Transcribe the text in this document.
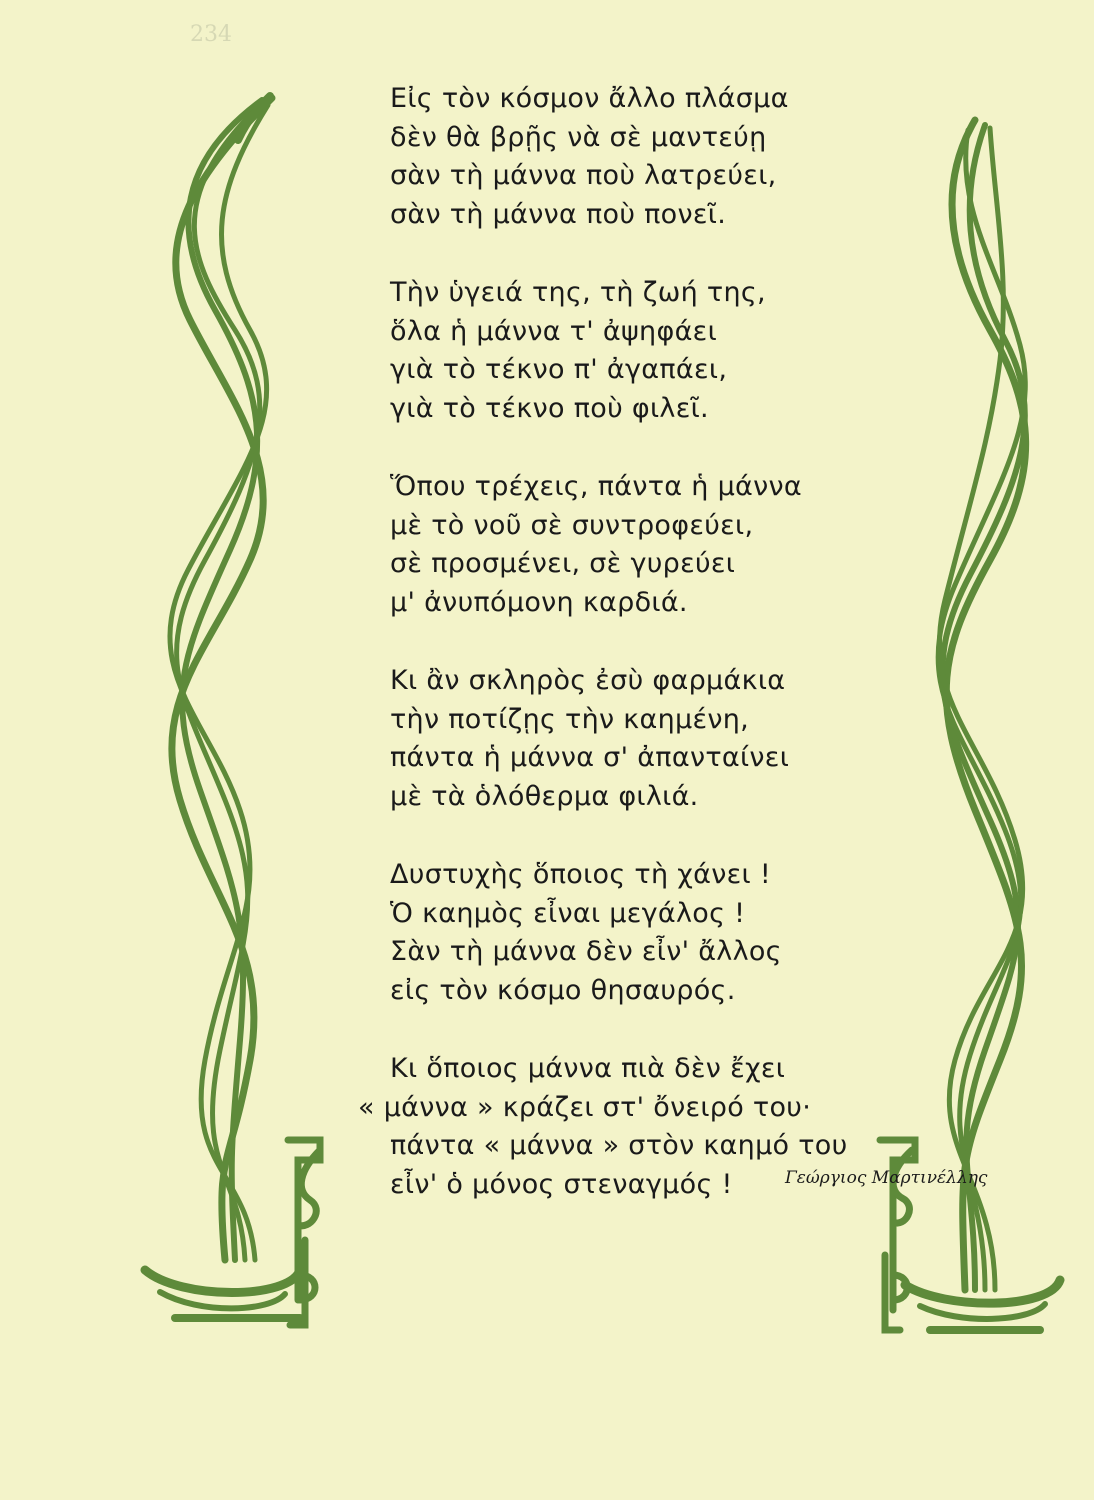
234
Εἰς τὸν κόσμον ἄλλο πλάσμα
δὲν θὰ βρῇς νὰ σὲ μαντεύῃ
σὰν τὴ μάννα ποὺ λατρεύει,
σὰν τὴ μάννα ποὺ πονεῖ.
Τὴν ὑγειά της, τὴ ζωή της,
ὅλα ἡ μάννα τ' ἀψηφάει
γιὰ τὸ τέκνο π' ἀγαπάει,
γιὰ τὸ τέκνο ποὺ φιλεῖ.
Ὅπου τρέχεις, πάντα ἡ μάννα
μὲ τὸ νοῦ σὲ συντροφεύει,
σὲ προσμένει, σὲ γυρεύει
μ' ἀνυπόμονη καρδιά.
Κι ἂν σκληρὸς ἐσὺ φαρμάκια
τὴν ποτίζῃς τὴν καημένη,
πάντα ἡ μάννα σ' ἀπανταίνει
μὲ τὰ ὁλόθερμα φιλιά.
Δυστυχὴς ὅποιος τὴ χάνει !
Ὁ καημὸς εἶναι μεγάλος !
Σὰν τὴ μάννα δὲν εἶν' ἄλλος
εἰς τὸν κόσμο θησαυρός.
Κι ὅποιος μάννα πιὰ δὲν ἔχει
« μάννα » κράζει στ' ὄνειρό του·
πάντα « μάννα » στὸν καημό του
εἶν' ὁ μόνος στεναγμός !	Γεώργιος Μαρτινέλλης
